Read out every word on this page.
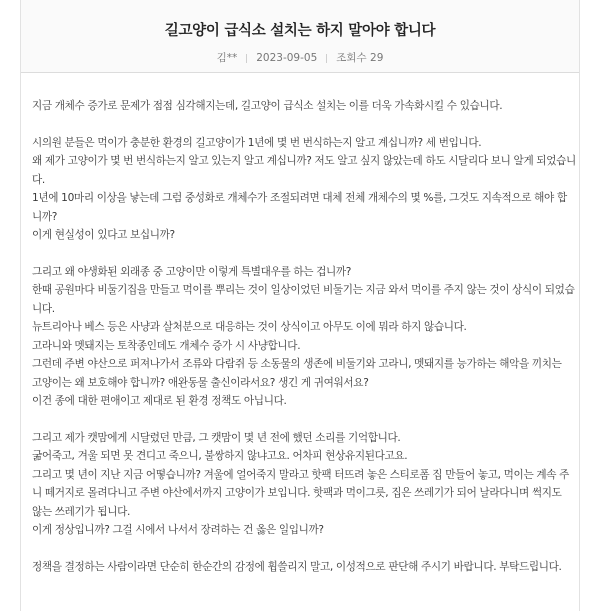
길고양이 급식소 설치는 하지 말아야 합니다
김** 2023-09-05 조회수 29
지금 개체수 증가로 문제가 점점 심각해지는데, 길고양이 급식소 설치는 이를 더욱 가속화시킬 수 있습니다.
시의원 분들은 먹이가 충분한 환경의 길고양이가 1년에 몇 번 번식하는지 알고 계십니까? 세 번입니다.
왜 제가 고양이가 몇 번 번식하는지 알고 있는지 알고 계십니까? 저도 알고 싶지 않았는데 하도 시달리다 보니 알게 되었습니
다.
1년에 10마리 이상을 낳는데 그럼 중성화로 개체수가 조절되려면 대체 전체 개체수의 몇 %를, 그것도 지속적으로 해야 합
니까?
이게 현실성이 있다고 보십니까?
그리고 왜 야생화된 외래종 중 고양이만 이렇게 특별대우를 하는 겁니까?
한때 공원마다 비둘기집을 만들고 먹이를 뿌리는 것이 일상이었던 비둘기는 지금 와서 먹이를 주지 않는 것이 상식이 되었습
니다.
뉴트리아나 베스 등은 사냥과 살처분으로 대응하는 것이 상식이고 아무도 이에 뭐라 하지 않습니다.
고라니와 멧돼지는 토착종인데도 개체수 증가 시 사냥합니다.
그런데 주변 야산으로 퍼져나가서 조류와 다람쥐 등 소동물의 생존에 비둘기와 고라니, 멧돼지를 능가하는 해악을 끼치는
고양이는 왜 보호해야 합니까? 애완동물 출신이라서요? 생긴 게 귀여워서요?
이건 종에 대한 편애이고 제대로 된 환경 정책도 아닙니다.
그리고 제가 캣맘에게 시달렸던 만큼, 그 캣맘이 몇 년 전에 했던 소리를 기억합니다.
굶어죽고, 겨울 되면 못 견디고 죽으니, 불쌍하지 않냐고요. 어차피 현상유지된다고요.
그리고 몇 년이 지난 지금 어떻습니까? 겨울에 얼어죽지 말라고 핫팩 터뜨려 놓은 스티로폼 집 만들어 놓고, 먹이는 계속 주
니 떼거지로 몰려다니고 주변 야산에서까지 고양이가 보입니다. 핫팩과 먹이그릇, 집은 쓰레기가 되어 날라다니며 썩지도
않는 쓰레기가 됩니다.
이게 정상입니까? 그걸 시에서 나서서 장려하는 건 옳은 일입니까?
정책을 결정하는 사람이라면 단순히 한순간의 감정에 휩쓸리지 말고, 이성적으로 판단해 주시기 바랍니다. 부탁드립니다.
